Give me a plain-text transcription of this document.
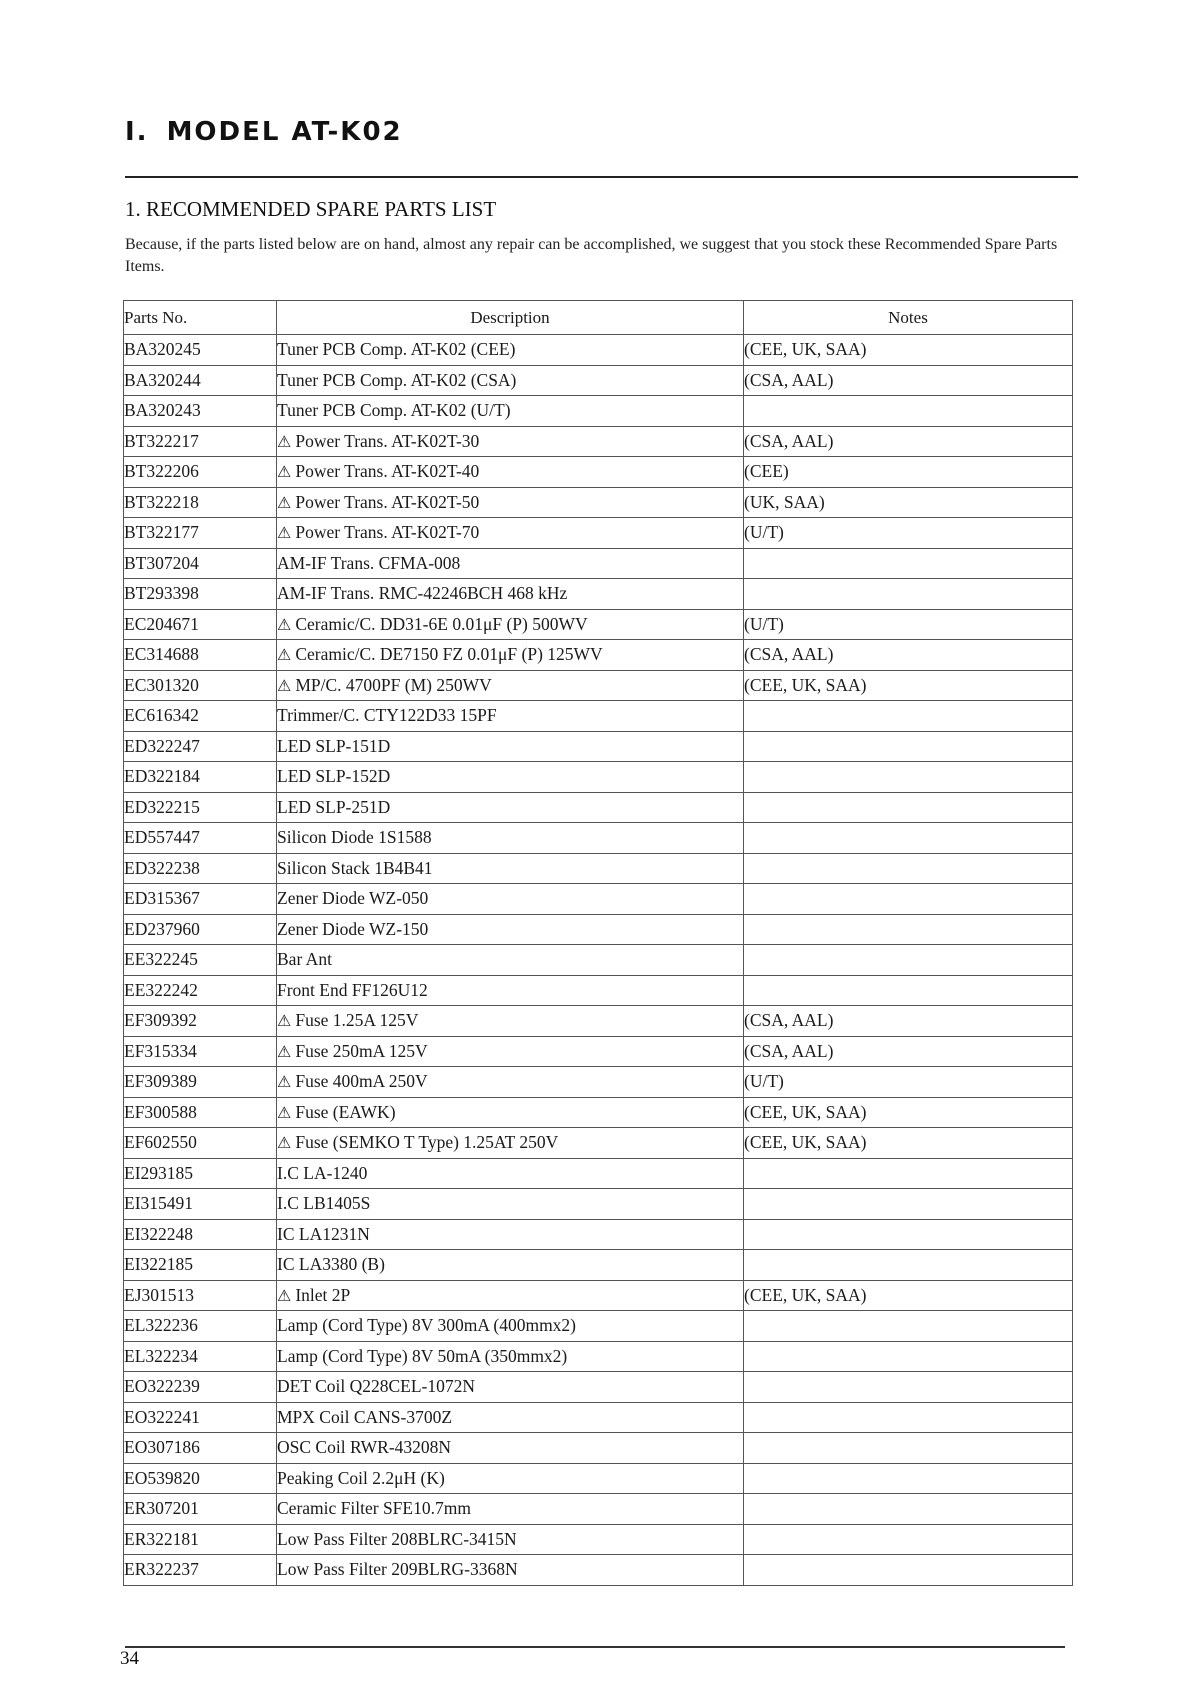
I. MODEL AT-K02
1. RECOMMENDED SPARE PARTS LIST
Because, if the parts listed below are on hand, almost any repair can be accomplished, we suggest that you stock these Recommended Spare Parts Items.
Parts No.	Description	Notes
BA320245	Tuner PCB Comp. AT-K02 (CEE)	(CEE, UK, SAA)
BA320244	Tuner PCB Comp. AT-K02 (CSA)	(CSA, AAL)
BA320243	Tuner PCB Comp. AT-K02 (U/T)	
BT322217	⚠ Power Trans. AT-K02T-30	(CSA, AAL)
BT322206	⚠ Power Trans. AT-K02T-40	(CEE)
BT322218	⚠ Power Trans. AT-K02T-50	(UK, SAA)
BT322177	⚠ Power Trans. AT-K02T-70	(U/T)
BT307204	AM-IF Trans. CFMA-008	
BT293398	AM-IF Trans. RMC-42246BCH 468 kHz	
EC204671	⚠ Ceramic/C. DD31-6E 0.01μF (P) 500WV	(U/T)
EC314688	⚠ Ceramic/C. DE7150 FZ 0.01μF (P) 125WV	(CSA, AAL)
EC301320	⚠ MP/C. 4700PF (M) 250WV	(CEE, UK, SAA)
EC616342	Trimmer/C. CTY122D33 15PF	
ED322247	LED SLP-151D	
ED322184	LED SLP-152D	
ED322215	LED SLP-251D	
ED557447	Silicon Diode 1S1588	
ED322238	Silicon Stack 1B4B41	
ED315367	Zener Diode WZ-050	
ED237960	Zener Diode WZ-150	
EE322245	Bar Ant	
EE322242	Front End FF126U12	
EF309392	⚠ Fuse 1.25A 125V	(CSA, AAL)
EF315334	⚠ Fuse 250mA 125V	(CSA, AAL)
EF309389	⚠ Fuse 400mA 250V	(U/T)
EF300588	⚠ Fuse (EAWK)	(CEE, UK, SAA)
EF602550	⚠ Fuse (SEMKO T Type) 1.25AT 250V	(CEE, UK, SAA)
EI293185	I.C LA-1240	
EI315491	I.C LB1405S	
EI322248	IC LA1231N	
EI322185	IC LA3380 (B)	
EJ301513	⚠ Inlet 2P	(CEE, UK, SAA)
EL322236	Lamp (Cord Type) 8V 300mA (400mmx2)	
EL322234	Lamp (Cord Type) 8V 50mA (350mmx2)	
EO322239	DET Coil Q228CEL-1072N	
EO322241	MPX Coil CANS-3700Z	
EO307186	OSC Coil RWR-43208N	
EO539820	Peaking Coil 2.2μH (K)	
ER307201	Ceramic Filter SFE10.7mm	
ER322181	Low Pass Filter 208BLRC-3415N	
ER322237	Low Pass Filter 209BLRG-3368N	
34
